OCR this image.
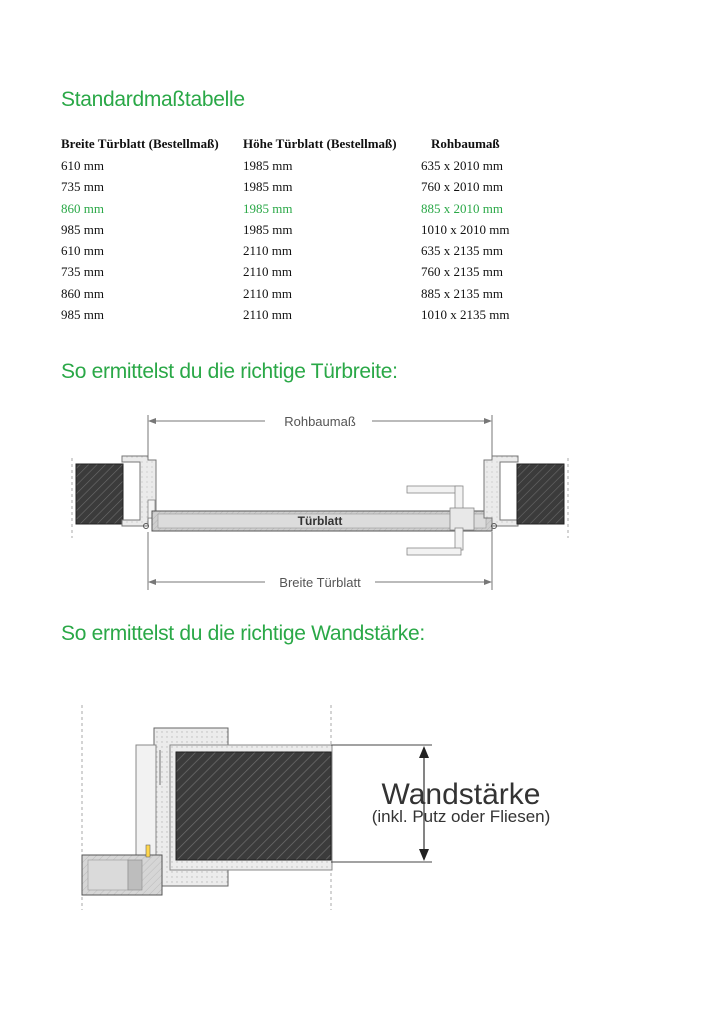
Standardmaßtabelle
Breite Türblatt (Bestellmaß)	Höhe Türblatt (Bestellmaß)	Rohbaumaß
610 mm	1985 mm	635 x 2010 mm
735 mm	1985 mm	760 x 2010 mm
860 mm	1985 mm	885 x 2010 mm
985 mm	1985 mm	1010 x 2010 mm
610 mm	2110 mm	635 x 2135 mm
735 mm	2110 mm	760 x 2135 mm
860 mm	2110 mm	885 x 2135 mm
985 mm	2110 mm	1010 x 2135 mm
So ermittelst du die richtige Türbreite:
Rohbaumaß
Türblatt
Breite Türblatt
So ermittelst du die richtige Wandstärke:
Wandstärke
(inkl. Putz oder Fliesen)
